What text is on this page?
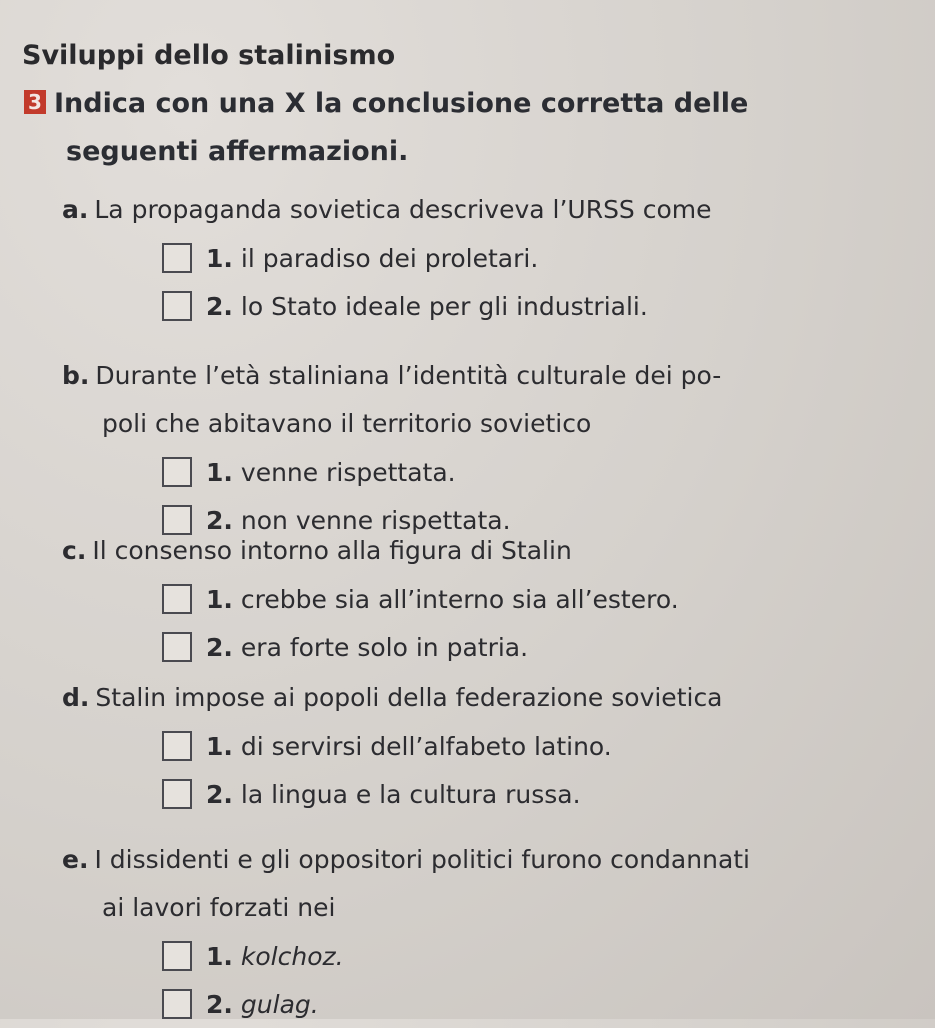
Sviluppi dello stalinismo
3 Indica con una X la conclusione corretta delle
seguenti affermazioni.

a. La propaganda sovietica descriveva l’URSS come

1. il paradiso dei proletari.
2. lo Stato ideale per gli industriali.

b. Durante l’età staliniana l’identità culturale dei po-
poli che abitavano il territorio sovietico

1. venne rispettata.
2. non venne rispettata.

c. Il consenso intorno alla figura di Stalin

1. crebbe sia all’interno sia all’estero.
2. era forte solo in patria.

d. Stalin impose ai popoli della federazione sovietica

1. di servirsi dell’alfabeto latino.
2. la lingua e la cultura russa.

e. I dissidenti e gli oppositori politici furono condannati
ai lavori forzati nei

1. kolchoz.
2. gulag.
